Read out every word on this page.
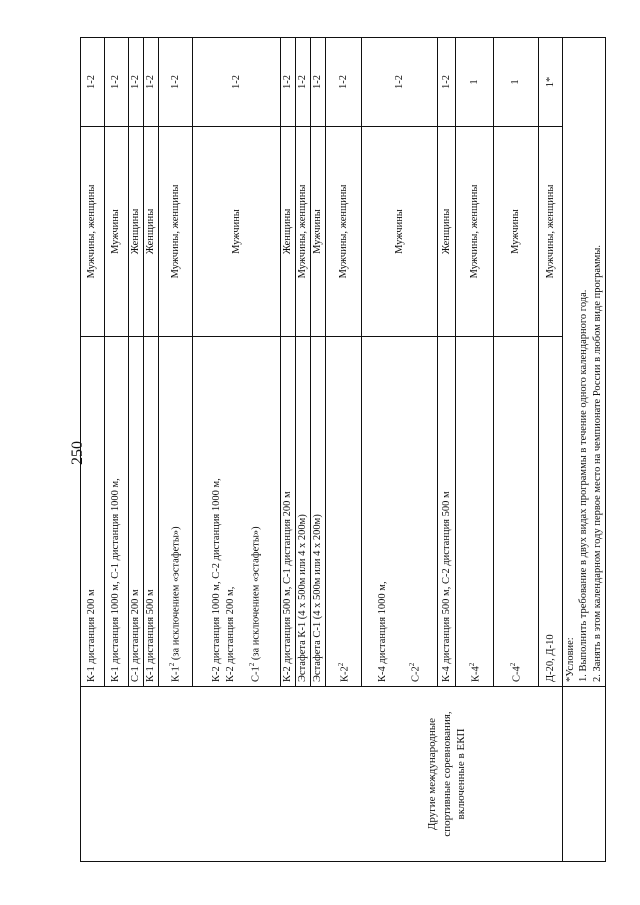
250
Другие международные спортивные соревнования, включенные в ЕКП	К-1 дистанция 200 м	Мужчины, женщины	1-2
	К-1 дистанция 1000 м, С-1 дистанция 1000 м,	Мужчины	1-2
	С-1 дистанция 200 м	Женщины	1-2
	К-1 дистанция 500 м	Женщины	1-2
	$К-1^2$ (за исключением «эстафеты»)	Мужчины, женщины	1-2

	К-2 дистанция 1000 м, С-2 дистанция 1000 м, К-2 дистанция 200 м, $С-1^2$ (за исключением «эстафеты»)	Мужчины	1-2
	К-2 дистанция 500 м, С-1 дистанция 200 м	Женщины	1-2
	Эстафета К-1 (4 х 500м или 4 х 200м)	Мужчины, женщины	1-2
	Эстафета С-1 (4 х 500м или 4 х 200м)	Мужчины	1-2
	$К-2^2$	Мужчины, женщины	1-2

	К-4 дистанция 1000 м, $С-2^2$	Мужчины	1-2
	К-4 дистанция 500 м, С-2 дистанция 500 м	Женщины	1-2
	$К-4^2$	Мужчины, женщины	1
	$С-4^2$	Мужчины	1
	Д-20, Д-10	Мужчины, женщины	1*

	*Условие: 1. Выполнить требование в двух видах программы в течение одного календарного года. 2. Занять в этом календарном году первое место на чемпионате России в любом виде программы.		
